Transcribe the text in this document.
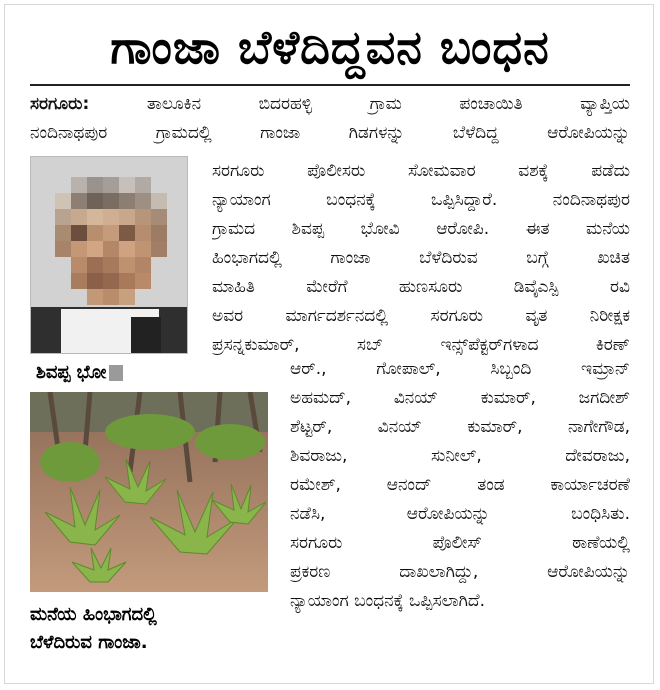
ಗಾಂಜಾ ಬೆಳೆದಿದ್ದವನ ಬಂಧನ
ಸರಗೂರು:	ತಾಲೂಕಿನ ಬಿದರಹಳ್ಳಿ ಗ್ರಾಮ ಪಂಚಾಯಿತಿ ವ್ಯಾಪ್ತಿಯ
ನಂದಿನಾಥಪುರ ಗ್ರಾಮದಲ್ಲಿ ಗಾಂಜಾ ಗಿಡಗಳನ್ನು ಬೆಳೆದಿದ್ದ ಆರೋಪಿಯನ್ನು
ಸರಗೂರು ಪೊಲೀಸರು ಸೋಮವಾರ ವಶಕ್ಕೆ ಪಡೆದು
ನ್ಯಾಯಾಂಗ ಬಂಧನಕ್ಕೆ ಒಪ್ಪಿಸಿದ್ದಾರೆ. ನಂದಿನಾಥಪುರ
ಗ್ರಾಮದ ಶಿವಪ್ಪ ಭೋವಿ ಆರೋಪಿ. ಈತ ಮನೆಯ
ಹಿಂಭಾಗದಲ್ಲಿ ಗಾಂಜಾ ಬೆಳೆದಿರುವ ಬಗ್ಗೆ ಖಚಿತ
ಮಾಹಿತಿ ಮೇರೆಗೆ ಹುಣಸೂರು ಡಿವೈಎಸ್ಪಿ ರವಿ
ಅವರ ಮಾರ್ಗದರ್ಶನದಲ್ಲಿ ಸರಗೂರು ವೃತ ನಿರೀಕ್ಷಕ
ಪ್ರಸನ್ನಕುಮಾರ್, ಸಬ್ ಇನ್ಸ್‌ಪೆಕ್ಟರ್‌ಗಳಾದ ಕಿರಣ್
ಆರ್., ಗೋಪಾಲ್, ಸಿಬ್ಬಂದಿ ಇಮ್ರಾನ್
ಅಹಮದ್, ವಿನಯ್ ಕುಮಾರ್, ಜಗದೀಶ್
ಶೆಟ್ಟರ್, ವಿನಯ್ ಕುಮಾರ್, ನಾಗೇಗೌಡ,
ಶಿವರಾಜು, ಸುನೀಲ್, ದೇವರಾಜು,
ರಮೇಶ್, ಆನಂದ್ ತಂಡ ಕಾರ್ಯಾಚರಣೆ
ನಡೆಸಿ, ಆರೋಪಿಯನ್ನು ಬಂಧಿಸಿತು.
ಸರಗೂರು ಪೊಲೀಸ್ ಠಾಣೆಯಲ್ಲಿ
ಪ್ರಕರಣ ದಾಖಲಾಗಿದ್ದು, ಆರೋಪಿಯನ್ನು
ನ್ಯಾಯಾಂಗ ಬಂಧನಕ್ಕೆ ಒಪ್ಪಿಸಲಾಗಿದೆ.
ಶಿವಪ್ಪ ಭೋ
ಮನೆಯ ಹಿಂಭಾಗದಲ್ಲಿ
ಬೆಳೆದಿರುವ ಗಾಂಜಾ.
